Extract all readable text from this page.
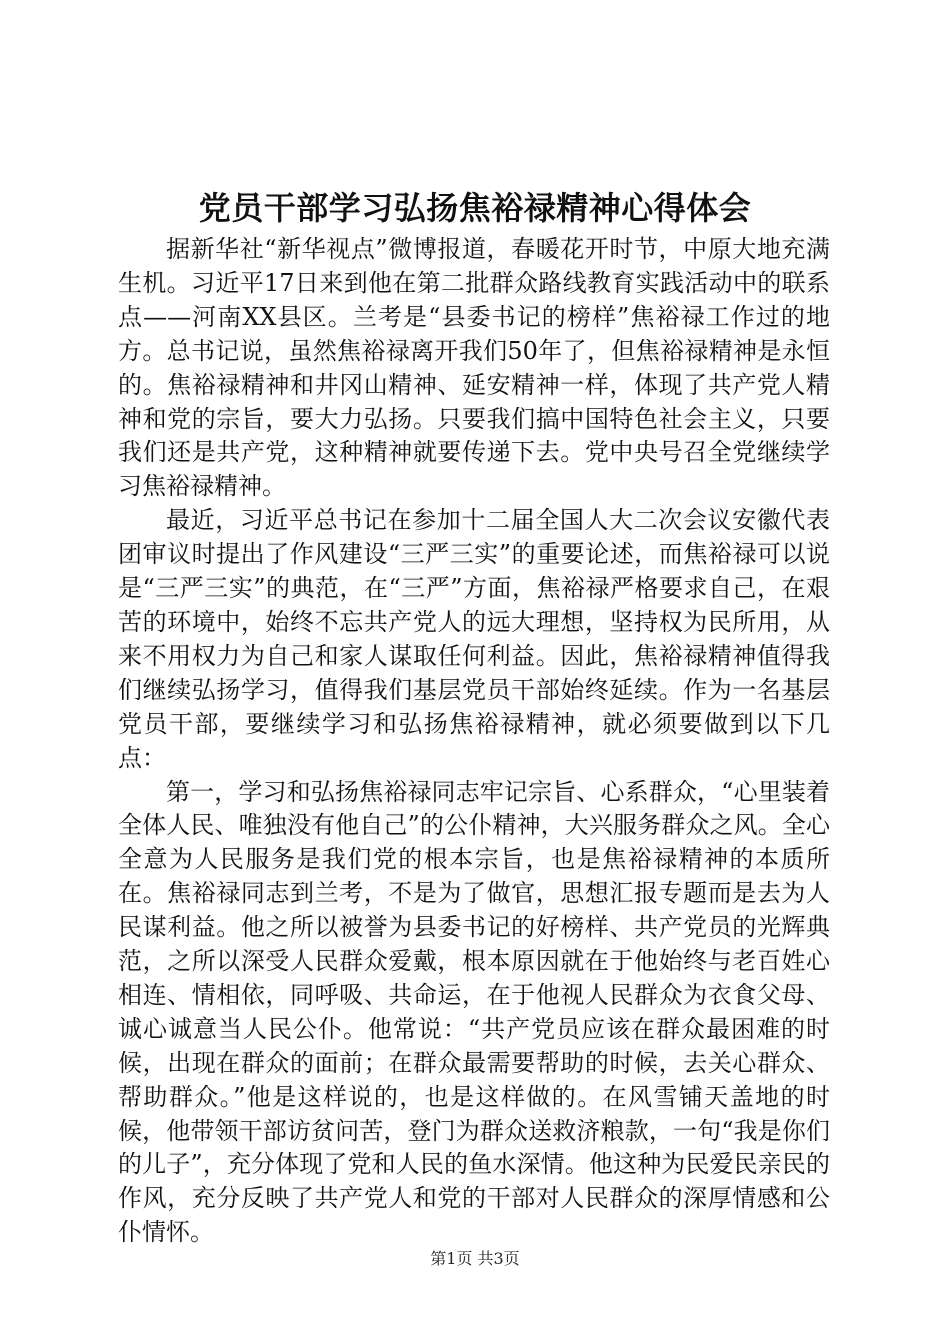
党员干部学习弘扬焦裕禄精神心得体会

据新华社“新华视点”微博报道，春暖花开时节，中原大地充满生机。习近平17日来到他在第二批群众路线教育实践活动中的联系点——河南XX县区。兰考是“县委书记的榜样”焦裕禄工作过的地方。总书记说，虽然焦裕禄离开我们50年了，但焦裕禄精神是永恒的。焦裕禄精神和井冈山精神、延安精神一样，体现了共产党人精神和党的宗旨，要大力弘扬。只要我们搞中国特色社会主义，只要我们还是共产党，这种精神就要传递下去。党中央号召全党继续学习焦裕禄精神。

最近，习近平总书记在参加十二届全国人大二次会议安徽代表团审议时提出了作风建设“三严三实”的重要论述，而焦裕禄可以说是“三严三实”的典范，在“三严”方面，焦裕禄严格要求自己，在艰苦的环境中，始终不忘共产党人的远大理想，坚持权为民所用，从来不用权力为自己和家人谋取任何利益。因此，焦裕禄精神值得我们继续弘扬学习，值得我们基层党员干部始终延续。作为一名基层党员干部，要继续学习和弘扬焦裕禄精神，就必须要做到以下几点：

第一，学习和弘扬焦裕禄同志牢记宗旨、心系群众，“心里装着全体人民、唯独没有他自己”的公仆精神，大兴服务群众之风。全心全意为人民服务是我们党的根本宗旨，也是焦裕禄精神的本质所在。焦裕禄同志到兰考，不是为了做官，思想汇报专题而是去为人民谋利益。他之所以被誉为县委书记的好榜样、共产党员的光辉典范，之所以深受人民群众爱戴，根本原因就在于他始终与老百姓心相连、情相依，同呼吸、共命运，在于他视人民群众为衣食父母、诚心诚意当人民公仆。他常说：“共产党员应该在群众最困难的时候，出现在群众的面前；在群众最需要帮助的时候，去关心群众、帮助群众。”他是这样说的，也是这样做的。在风雪铺天盖地的时候，他带领干部访贫问苦，登门为群众送救济粮款，一句“我是你们的儿子”，充分体现了党和人民的鱼水深情。他这种为民爱民亲民的作风，充分反映了共产党人和党的干部对人民群众的深厚情感和公仆情怀。

第1页 共3页
